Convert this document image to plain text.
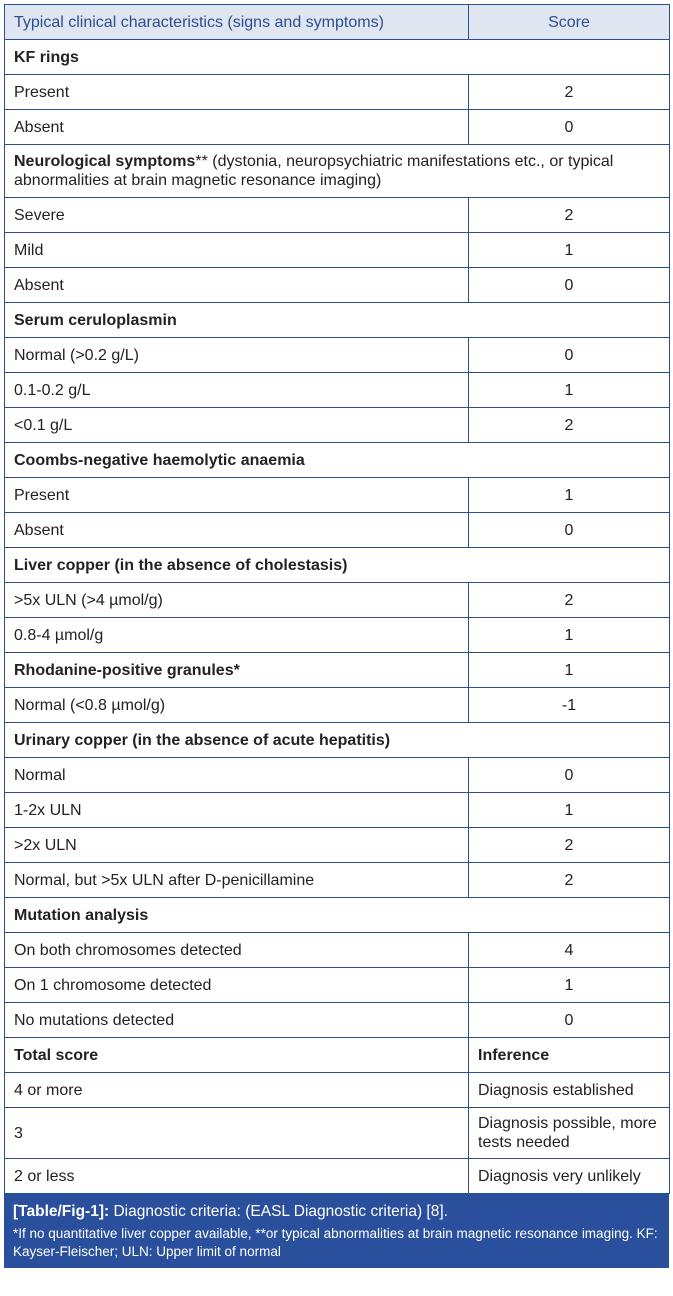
Typical clinical characteristics (signs and symptoms)	Score
KF rings	
Present	2
Absent	0
Neurological symptoms** (dystonia, neuropsychiatric manifestations etc., or typical abnormalities at brain magnetic resonance imaging)	
Severe	2
Mild	1
Absent	0
Serum ceruloplasmin	
Normal (>0.2 g/L)	0
0.1-0.2 g/L	1
<0.1 g/L	2
Coombs-negative haemolytic anaemia	
Present	1
Absent	0
Liver copper (in the absence of cholestasis)	
>5x ULN (>4 µmol/g)	2
0.8-4 µmol/g	1
Rhodanine-positive granules*	1
Normal (<0.8 µmol/g)	-1
Urinary copper (in the absence of acute hepatitis)	
Normal	0
1-2x ULN	1
>2x ULN	2
Normal, but >5x ULN after D-penicillamine	2
Mutation analysis	
On both chromosomes detected	4
On 1 chromosome detected	1
No mutations detected	0
Total score	Inference
4 or more	Diagnosis established
3	Diagnosis possible, more tests needed
2 or less	Diagnosis very unlikely
[Table/Fig-1]: Diagnostic criteria: (EASL Diagnostic criteria) [8].
*If no quantitative liver copper available, **or typical abnormalities at brain magnetic resonance imaging. KF: Kayser-Fleischer; ULN: Upper limit of normal
